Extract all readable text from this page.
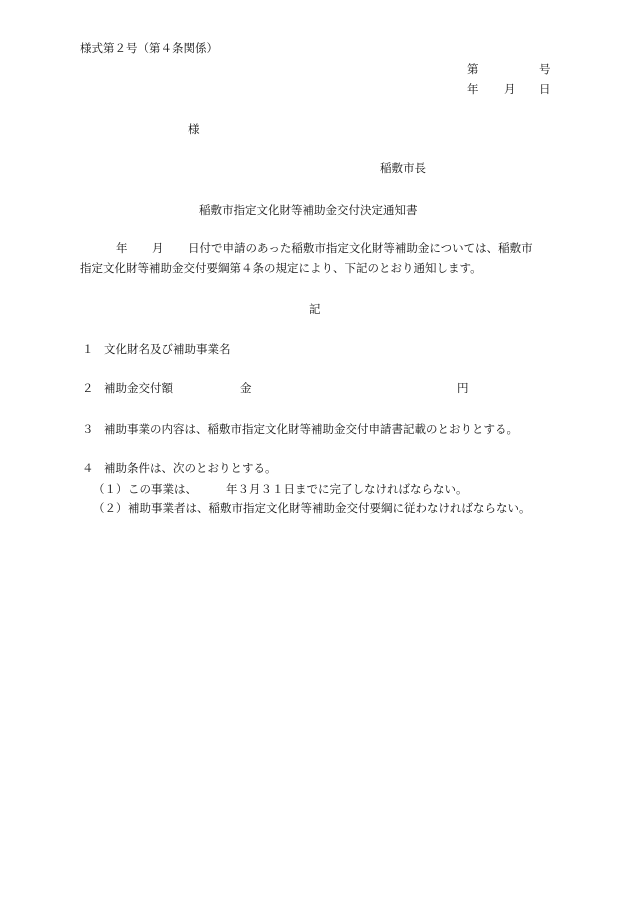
様式第２号（第４条関係）
第	号
年 月 日
様
稲敷市長
稲敷市指定文化財等補助金交付決定通知書
年 月 日付で申請のあった稲敷市指定文化財等補助金については、稲敷市
指定文化財等補助金交付要綱第４条の規定により、下記のとおり通知します。
記
１ 文化財名及び補助事業名
２ 補助金交付額	金	円
３ 補助事業の内容は、稲敷市指定文化財等補助金交付申請書記載のとおりとする。
４ 補助条件は、次のとおりとする。
（１） この事業は、	年３月３１日までに完了しなければならない。
（２） 補助事業者は、稲敷市指定文化財等補助金交付要綱に従わなければならない。
